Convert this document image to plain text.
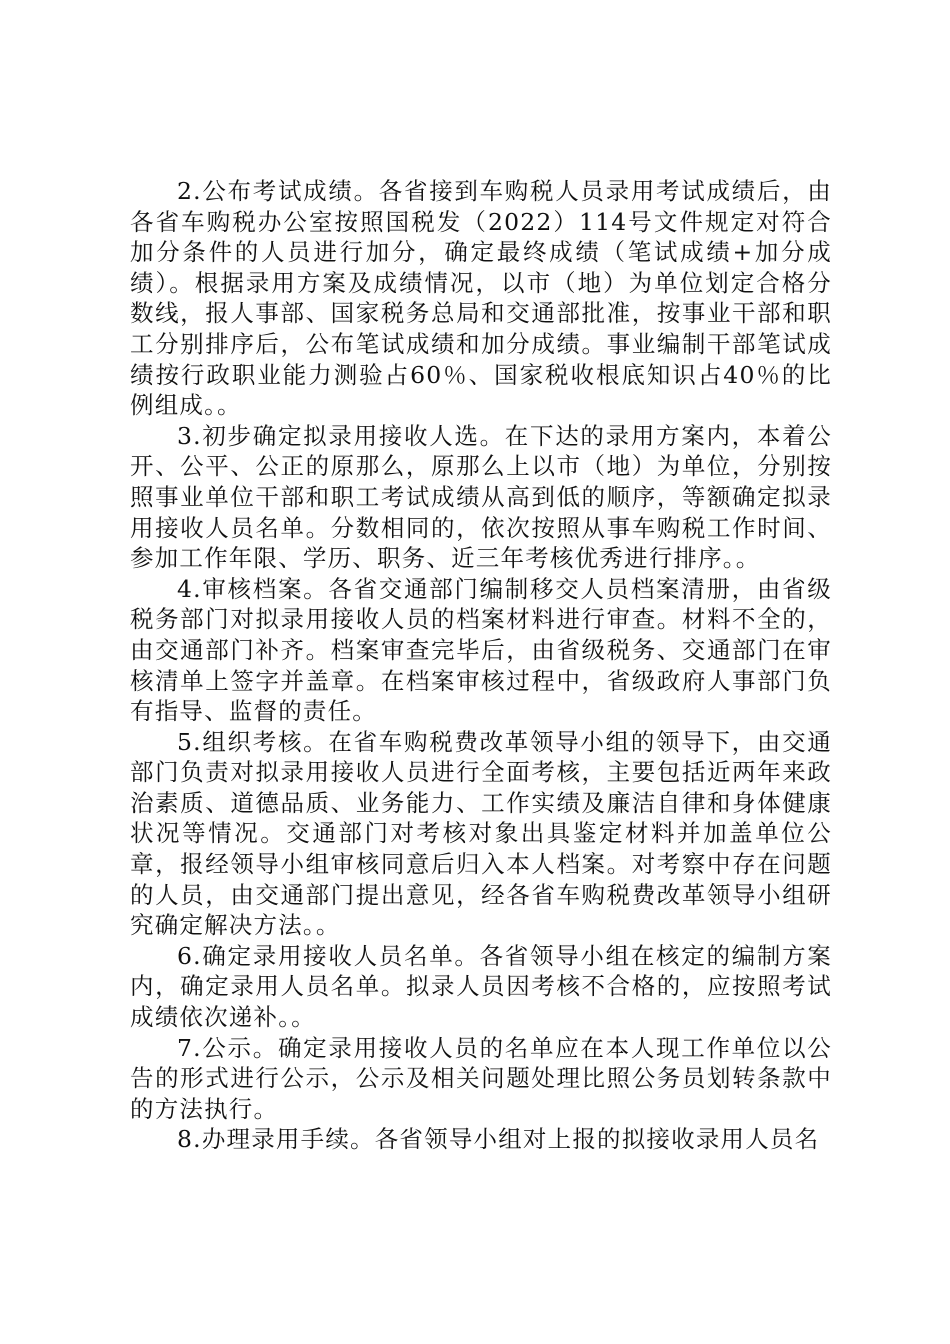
2.公布考试成绩。各省接到车购税人员录用考试成绩后，由各省车购税办公室按照国税发（2022）114号文件规定对符合加分条件的人员进行加分，确定最终成绩（笔试成绩+加分成绩）。根据录用方案及成绩情况，以市（地）为单位划定合格分数线，报人事部、国家税务总局和交通部批准，按事业干部和职工分别排序后，公布笔试成绩和加分成绩。事业编制干部笔试成绩按行政职业能力测验占60％、国家税收根底知识占40％的比例组成。。

3.初步确定拟录用接收人选。在下达的录用方案内，本着公开、公平、公正的原那么，原那么上以市（地）为单位，分别按照事业单位干部和职工考试成绩从高到低的顺序，等额确定拟录用接收人员名单。分数相同的，依次按照从事车购税工作时间、参加工作年限、学历、职务、近三年考核优秀进行排序。。

4.审核档案。各省交通部门编制移交人员档案清册，由省级税务部门对拟录用接收人员的档案材料进行审查。材料不全的，由交通部门补齐。档案审查完毕后，由省级税务、交通部门在审核清单上签字并盖章。在档案审核过程中，省级政府人事部门负有指导、监督的责任。

5.组织考核。在省车购税费改革领导小组的领导下，由交通部门负责对拟录用接收人员进行全面考核，主要包括近两年来政治素质、道德品质、业务能力、工作实绩及廉洁自律和身体健康状况等情况。交通部门对考核对象出具鉴定材料并加盖单位公章，报经领导小组审核同意后归入本人档案。对考察中存在问题的人员，由交通部门提出意见，经各省车购税费改革领导小组研究确定解决方法。。

6.确定录用接收人员名单。各省领导小组在核定的编制方案内，确定录用人员名单。拟录人员因考核不合格的，应按照考试成绩依次递补。。

7.公示。确定录用接收人员的名单应在本人现工作单位以公告的形式进行公示，公示及相关问题处理比照公务员划转条款中的方法执行。

8.办理录用手续。各省领导小组对上报的拟接收录用人员名
